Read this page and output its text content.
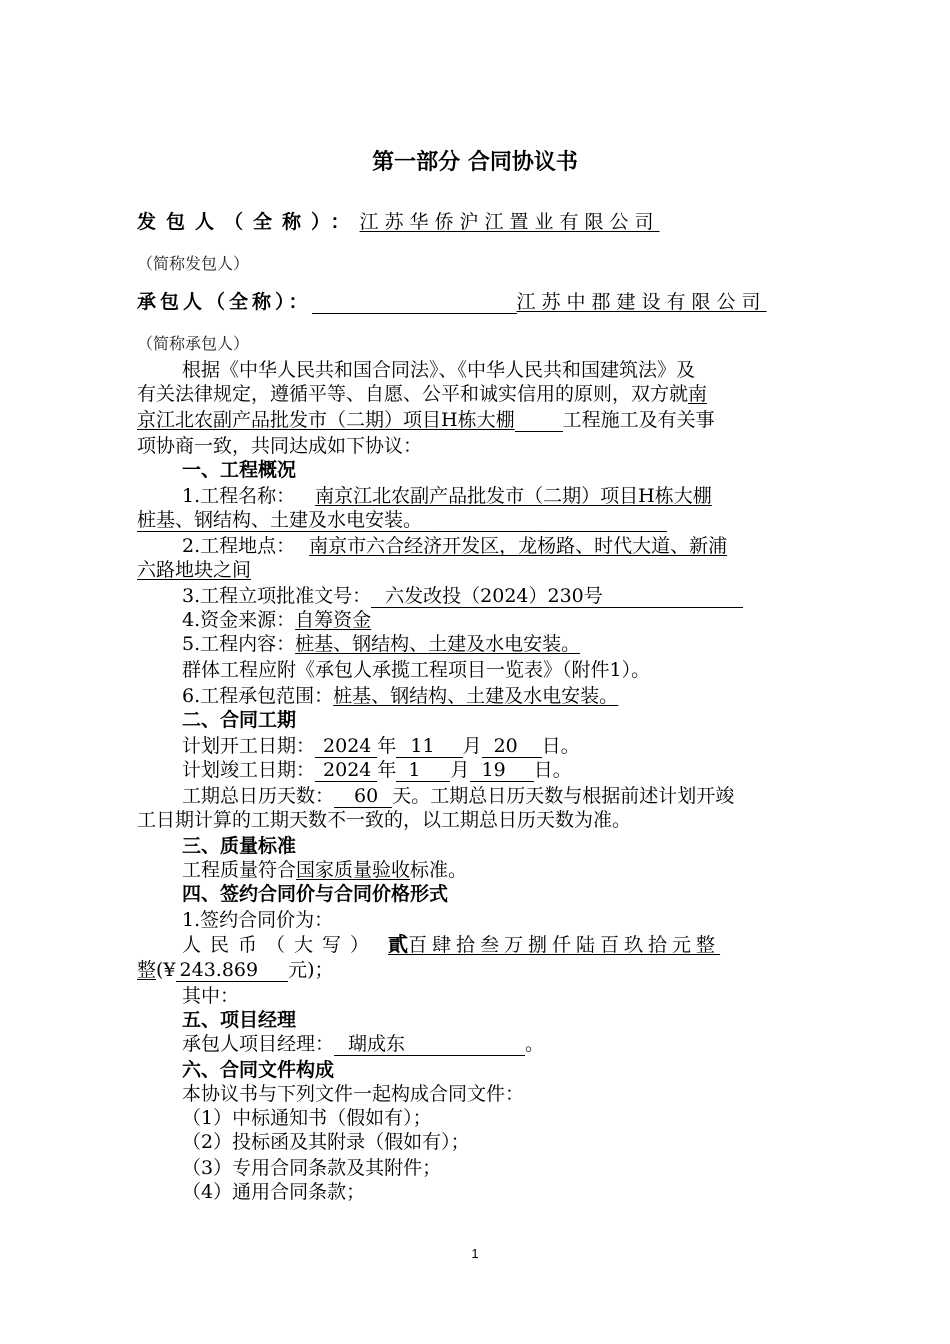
第一部分 合同协议书
发包人（全称）：江苏华侨沪江置业有限公司
（简称发包人）
承包人（全称）：	江苏中郡建设有限公司
（简称承包人）
根据《中华人民共和国合同法》、《中华人民共和国建筑法》及
有关法律规定，遵循平等、自愿、公平和诚实信用的原则，双方就南
京江北农副产品批发市（二期）项目H栋大棚	工程施工及有关事
项协商一致，共同达成如下协议：
一、工程概况
1.工程名称： 南京江北农副产品批发市（二期）项目H栋大棚
桩基、钢结构、土建及水电安装。
2.工程地点： 南京市六合经济开发区，龙杨路、时代大道、新浦
六路地块之间
3.工程立项批准文号： 六发改投（2024）230号
4.资金来源：自筹资金
5.工程内容：桩基、钢结构、土建及水电安装。
群体工程应附《承包人承揽工程项目一览表》（附件1）。
6.工程承包范围：桩基、钢结构、土建及水电安装。
二、合同工期
计划开工日期： 2024 年 11 月 20 日。
计划竣工日期： 2024 年 1 月 19 日。
工期总日历天数： 60 天。工期总日历天数与根据前述计划开竣
工日期计算的工期天数不一致的，以工期总日历天数为准。
三、质量标准
工程质量符合国家质量验收标准。
四、签约合同价与合同价格形式
1.签约合同价为：
人民币（大写） 貳百肆拾叁万捌仟陆百玖拾元整
整(¥ 243.869 元)；
其中：
五、项目经理
承包人项目经理： 瑚成东	。
六、合同文件构成
本协议书与下列文件一起构成合同文件：
（1）中标通知书（假如有）；
（2）投标函及其附录（假如有）；
（3）专用合同条款及其附件；
（4）通用合同条款；
1
